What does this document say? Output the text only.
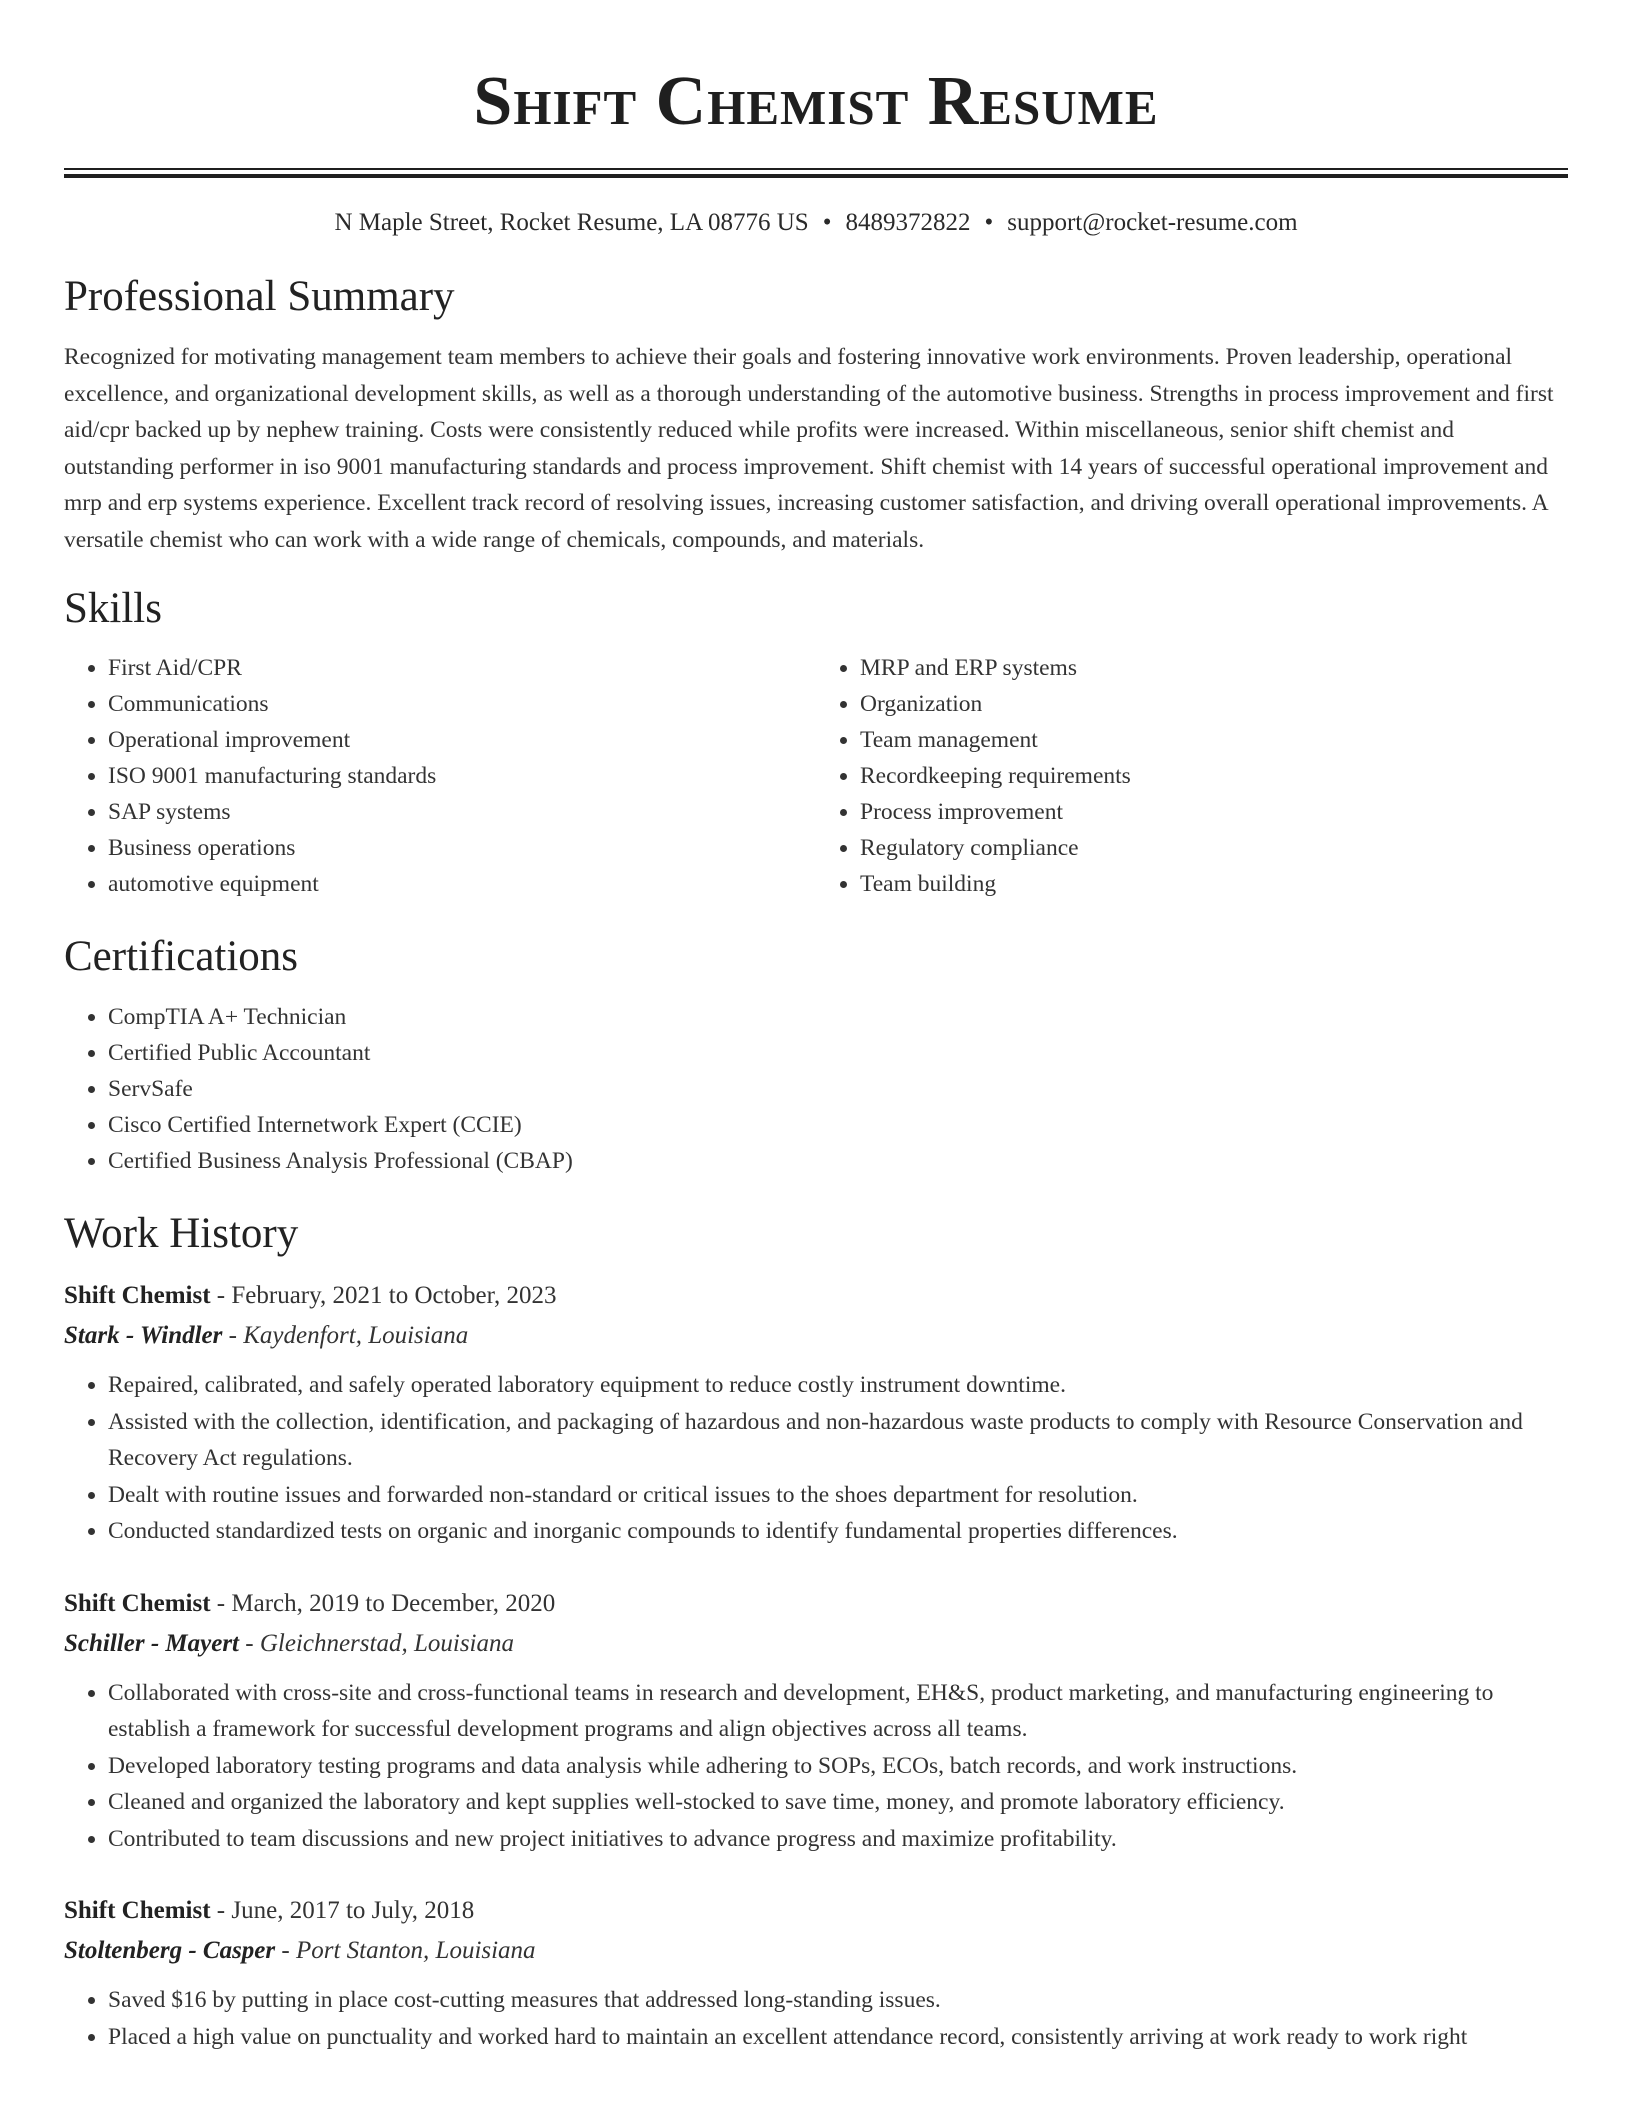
Shift Chemist Resume
N Maple Street, Rocket Resume, LA 08776 US • 8489372822 • support@rocket-resume.com
Professional Summary
Recognized for motivating management team members to achieve their goals and fostering innovative work environments. Proven leadership, operational excellence, and organizational development skills, as well as a thorough understanding of the automotive business. Strengths in process improvement and first aid/cpr backed up by nephew training. Costs were consistently reduced while profits were increased. Within miscellaneous, senior shift chemist and outstanding performer in iso 9001 manufacturing standards and process improvement. Shift chemist with 14 years of successful operational improvement and mrp and erp systems experience. Excellent track record of resolving issues, increasing customer satisfaction, and driving overall operational improvements. A versatile chemist who can work with a wide range of chemicals, compounds, and materials.
Skills
• First Aid/CPR
• Communications
• Operational improvement
• ISO 9001 manufacturing standards
• SAP systems
• Business operations
• automotive equipment
• MRP and ERP systems
• Organization
• Team management
• Recordkeeping requirements
• Process improvement
• Regulatory compliance
• Team building
Certifications
• CompTIA A+ Technician
• Certified Public Accountant
• ServSafe
• Cisco Certified Internetwork Expert (CCIE)
• Certified Business Analysis Professional (CBAP)
Work History
Shift Chemist - February, 2021 to October, 2023
Stark - Windler - Kaydenfort, Louisiana
• Repaired, calibrated, and safely operated laboratory equipment to reduce costly instrument downtime.
• Assisted with the collection, identification, and packaging of hazardous and non-hazardous waste products to comply with Resource Conservation and Recovery Act regulations.
• Dealt with routine issues and forwarded non-standard or critical issues to the shoes department for resolution.
• Conducted standardized tests on organic and inorganic compounds to identify fundamental properties differences.
Shift Chemist - March, 2019 to December, 2020
Schiller - Mayert - Gleichnerstad, Louisiana
• Collaborated with cross-site and cross-functional teams in research and development, EH&S, product marketing, and manufacturing engineering to establish a framework for successful development programs and align objectives across all teams.
• Developed laboratory testing programs and data analysis while adhering to SOPs, ECOs, batch records, and work instructions.
• Cleaned and organized the laboratory and kept supplies well-stocked to save time, money, and promote laboratory efficiency.
• Contributed to team discussions and new project initiatives to advance progress and maximize profitability.
Shift Chemist - June, 2017 to July, 2018
Stoltenberg - Casper - Port Stanton, Louisiana
• Saved $16 by putting in place cost-cutting measures that addressed long-standing issues.
• Placed a high value on punctuality and worked hard to maintain an excellent attendance record, consistently arriving at work ready to work right
